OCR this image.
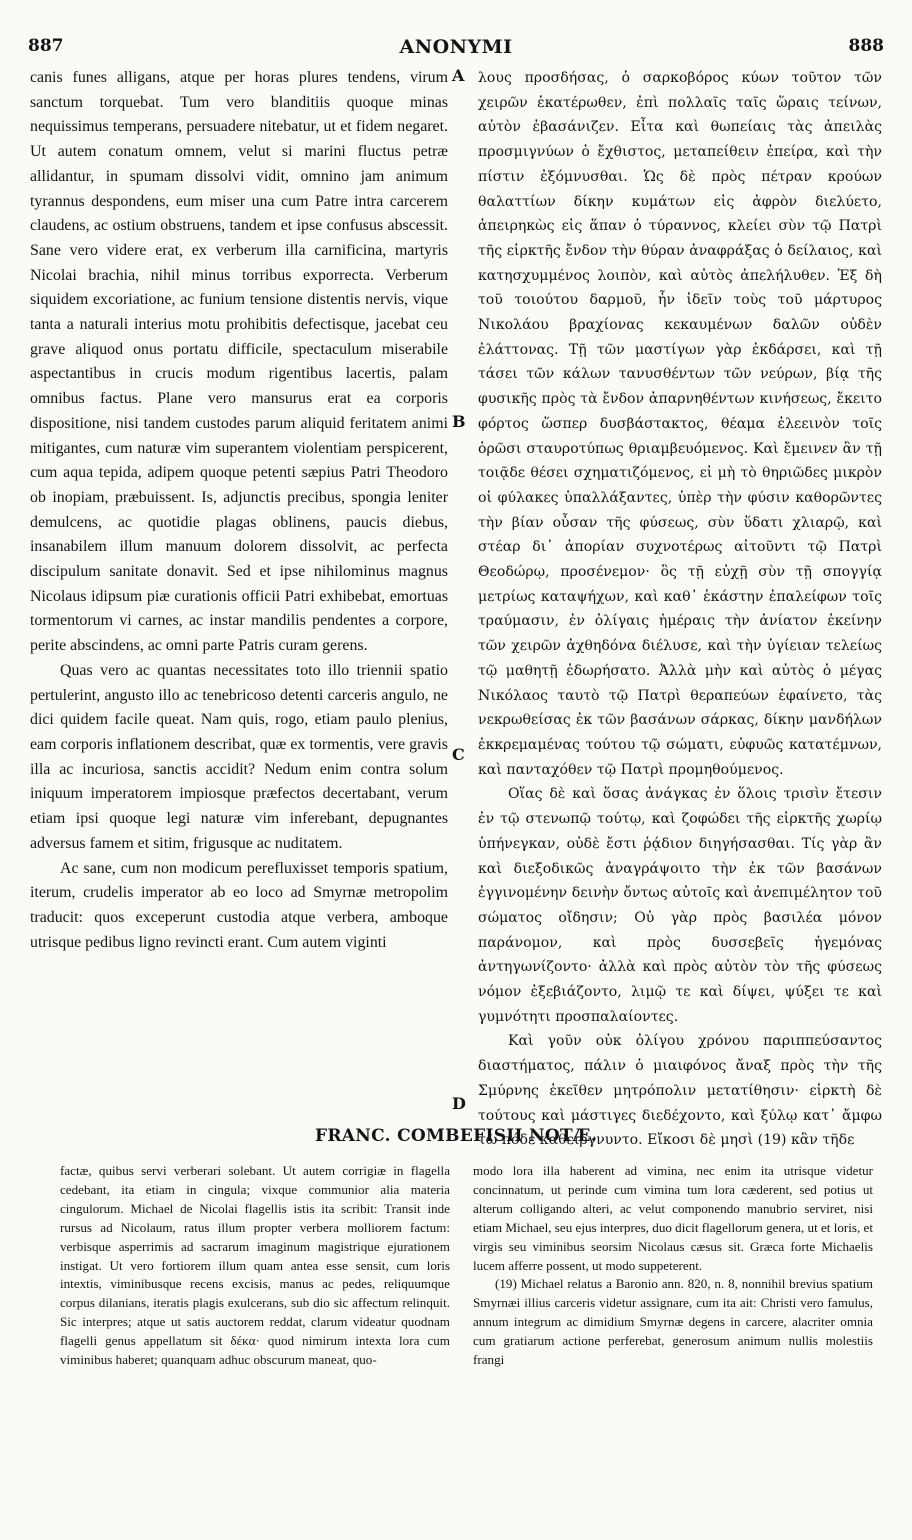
887	ANONYMI	888

canis funes alligans, atque per horas plures tendens, virum sanctum torquebat. Tum vero blanditiis quoque minas nequissimus temperans, persuadere nitebatur, ut et fidem negaret. Ut autem conatum omnem, velut si marini fluctus petræ allidantur, in spumam dissolvi vidit, omnino jam animum tyrannus despondens, eum miser una cum Patre intra carcerem claudens, ac ostium obstruens, tandem et ipse confusus abscessit. Sane vero videre erat, ex verberum illa carnificina, martyris Nicolai brachia, nihil minus torribus exporrecta. Verberum siquidem excoriatione, ac funium tensione distentis nervis, vique tanta a naturali interius motu prohibitis defectisque, jacebat ceu grave aliquod onus portatu difficile, spectaculum miserabile aspectantibus in crucis modum rigentibus lacertis, palam omnibus factus. Plane vero mansurus erat ea corporis dispositione, nisi tandem custodes parum aliquid feritatem animi mitigantes, cum naturæ vim superantem violentiam perspicerent, cum aqua tepida, adipem quoque petenti sæpius Patri Theodoro ob inopiam, præbuissent. Is, adjunctis precibus, spongia leniter demulcens, ac quotidie plagas oblinens, paucis diebus, insanabilem illum manuum dolorem dissolvit, ac perfecta discipulum sanitate donavit. Sed et ipse nihilominus magnus Nicolaus idipsum piæ curationis officii Patri exhibebat, emortuas tormentorum vi carnes, ac instar mandilis pendentes a corpore, perite abscindens, ac omni parte Patris curam gerens.

Quas vero ac quantas necessitates toto illo triennii spatio pertulerint, angusto illo ac tenebricoso detenti carceris angulo, ne dici quidem facile queat. Nam quis, rogo, etiam paulo plenius, eam corporis inflationem describat, quæ ex tormentis, vere gravis illa ac incuriosa, sanctis accidit? Nedum enim contra solum iniquum imperatorem impiosque præfectos decertabant, verum etiam ipsi quoque legi naturæ vim inferebant, depugnantes adversus famem et sitim, frigusque ac nuditatem.

Ac sane, cum non modicum perefluxisset temporis spatium, iterum, crudelis imperator ab eo loco ad Smyrnæ metropolim traducit: quos exceperunt custodia atque verbera, amboque utrisque pedibus ligno revincti erant. Cum autem viginti

A
B
C
D

λους προσδήσας, ὁ σαρκοβόρος κύων τοῦτον τῶν χειρῶν ἑκατέρωθεν, ἐπὶ πολλαῖς ταῖς ὥραις τείνων, αὐτὸν ἐβασάνιζεν. Εἶτα καὶ θωπείαις τὰς ἀπειλὰς προσμιγνύων ὁ ἔχθιστος, μεταπείθειν ἐπείρα, καὶ τὴν πίστιν ἐξόμνυσθαι. Ὡς δὲ πρὸς πέτραν κρούων θαλαττίων δίκην κυμάτων εἰς ἀφρὸν διελύετο, ἀπειρηκὼς εἰς ἅπαν ὁ τύραννος, κλείει σὺν τῷ Πατρὶ τῆς εἱρκτῆς ἔνδον τὴν θύραν ἀναφράξας ὁ δείλαιος, καὶ κατησχυμμένος λοιπὸν, καὶ αὐτὸς ἀπελήλυθεν. Ἐξ δὴ τοῦ τοιούτου δαρμοῦ, ἦν ἰδεῖν τοὺς τοῦ μάρτυρος Νικολάου βραχίονας κεκαυμένων δαλῶν οὐδὲν ἐλάττονας. Τῇ τῶν μαστίγων γὰρ ἐκδάρσει, καὶ τῇ τάσει τῶν κάλων τανυσθέντων τῶν νεύρων, βίᾳ τῆς φυσικῆς πρὸς τὰ ἔνδον ἀπαρνηθέντων κινήσεως, ἔκειτο φόρτος ὥσπερ δυσβάστακτος, θέαμα ἐλεεινὸν τοῖς ὁρῶσι σταυροτύπως θριαμβευόμενος. Καὶ ἔμεινεν ἂν τῇ τοιᾷδε θέσει σχηματιζόμενος, εἰ μὴ τὸ θηριῶδες μικρὸν οἱ φύλακες ὑπαλλάξαντες, ὑπὲρ τὴν φύσιν καθορῶντες τὴν βίαν οὖσαν τῆς φύσεως, σὺν ὕδατι χλιαρῷ, καὶ στέαρ δι᾽ ἀπορίαν συχνοτέρως αἰτοῦντι τῷ Πατρὶ Θεοδώρῳ, προσένεμον· ὃς τῇ εὐχῇ σὺν τῇ σπογγίᾳ μετρίως καταψήχων, καὶ καθ᾽ ἑκάστην ἐπαλείφων τοῖς τραύμασιν, ἐν ὀλίγαις ἡμέραις τὴν ἀνίατον ἐκείνην τῶν χειρῶν ἀχθηδόνα διέλυσε, καὶ τὴν ὑγίειαν τελείως τῷ μαθητῇ ἐδωρήσατο. Ἀλλὰ μὴν καὶ αὐτὸς ὁ μέγας Νικόλαος ταυτὸ τῷ Πατρὶ θεραπεύων ἐφαίνετο, τὰς νεκρωθείσας ἐκ τῶν βασάνων σάρκας, δίκην μανδήλων ἐκκρεμαμένας τούτου τῷ σώματι, εὐφυῶς κατατέμνων, καὶ πανταχόθεν τῷ Πατρὶ προμηθούμενος.

Οἵας δὲ καὶ ὅσας ἀνάγκας ἐν ὅλοις τρισὶν ἔτεσιν ἐν τῷ στενωπῷ τούτῳ, καὶ ζοφώδει τῆς εἱρκτῆς χωρίῳ ὑπήνεγκαν, οὐδὲ ἔστι ῥᾴδιον διηγήσασθαι. Τίς γὰρ ἂν καὶ διεξοδικῶς ἀναγράψοιτο τὴν ἐκ τῶν βασάνων ἐγγινομένην δεινὴν ὄντως αὐτοῖς καὶ ἀνεπιμέλητον τοῦ σώματος οἴδησιν; Οὐ γὰρ πρὸς βασιλέα μόνον παράνομον, καὶ πρὸς δυσσεβεῖς ἡγεμόνας ἀντηγωνίζοντο· ἀλλὰ καὶ πρὸς αὐτὸν τὸν τῆς φύσεως νόμον ἐξεβιάζοντο, λιμῷ τε καὶ δίψει, ψύξει τε καὶ γυμνότητι προσπαλαίοντες.

Καὶ γοῦν οὐκ ὀλίγου χρόνου παριππεύσαντος διαστήματος, πάλιν ὁ μιαιφόνος ἄναξ πρὸς τὴν τῆς Σμύρνης ἐκεῖθεν μητρόπολιν μετατίθησιν· εἱρκτὴ δὲ τούτους καὶ μάστιγες διεδέχοντο, καὶ ξύλῳ κατ᾽ ἄμφω τὼ πόδε καθειργνυντο. Εἴκοσι δὲ μησὶ (19) κἂν τῆδε

FRANC. COMBEFISII NOTÆ.

factæ, quibus servi verberari solebant. Ut autem corrigiæ in flagella cedebant, ita etiam in cingula; vixque communior alia materia cingulorum. Michael de Nicolai flagellis istis ita scribit: Transit inde rursus ad Nicolaum, ratus illum propter verbera molliorem factum: verbisque asperrimis ad sacrarum imaginum magistrique ejurationem instigat. Ut vero fortiorem illum quam antea esse sensit, cum loris intextis, viminibusque recens excisis, manus ac pedes, reliquumque corpus dilanians, iteratis plagis exulcerans, sub dio sic affectum relinquit. Sic interpres; atque ut satis auctorem reddat, clarum videatur quodnam flagelli genus appellatum sit δέκα· quod nimirum intexta lora cum viminibus haberet; quanquam adhuc obscurum maneat, quo-

modo lora illa haberent ad vimina, nec enim ita utrisque videtur concinnatum, ut perinde cum vimina tum lora cæderent, sed potius ut alterum colligando alteri, ac velut componendo manubrio serviret, nisi etiam Michael, seu ejus interpres, duo dicit flagellorum genera, ut et loris, et virgis seu viminibus seorsim Nicolaus cæsus sit. Græca forte Michaelis lucem afferre possent, ut modo suppeterent.

(19) Michael relatus a Baronio ann. 820, n. 8, nonnihil brevius spatium Smyrnæi illius carceris videtur assignare, cum ita ait: Christi vero famulus, annum integrum ac dimidium Smyrnæ degens in carcere, alacriter omnia cum gratiarum actione perferebat, generosum animum nullis molestiis frangi
